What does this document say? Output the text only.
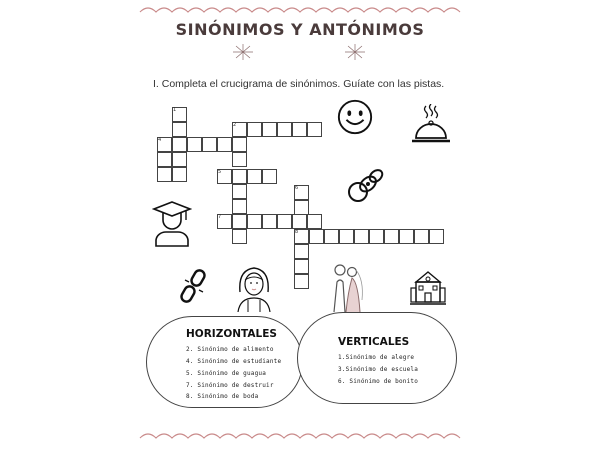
SINÓNIMOS Y ANTÓNIMOS
I. Completa el crucigrama de sinónimos. Guíate con las pistas.
1
2
4
5
7
6
8
HORIZONTALES
2. Sinónimo de alimento
4. Sinónimo de estudiante
5. Sinónimo de guagua
7. Sinónimo de destruir
8. Sinónimo de boda
VERTICALES
1.Sinónimo de alegre
3.Sinónimo de escuela
6. Sinónimo de bonito
